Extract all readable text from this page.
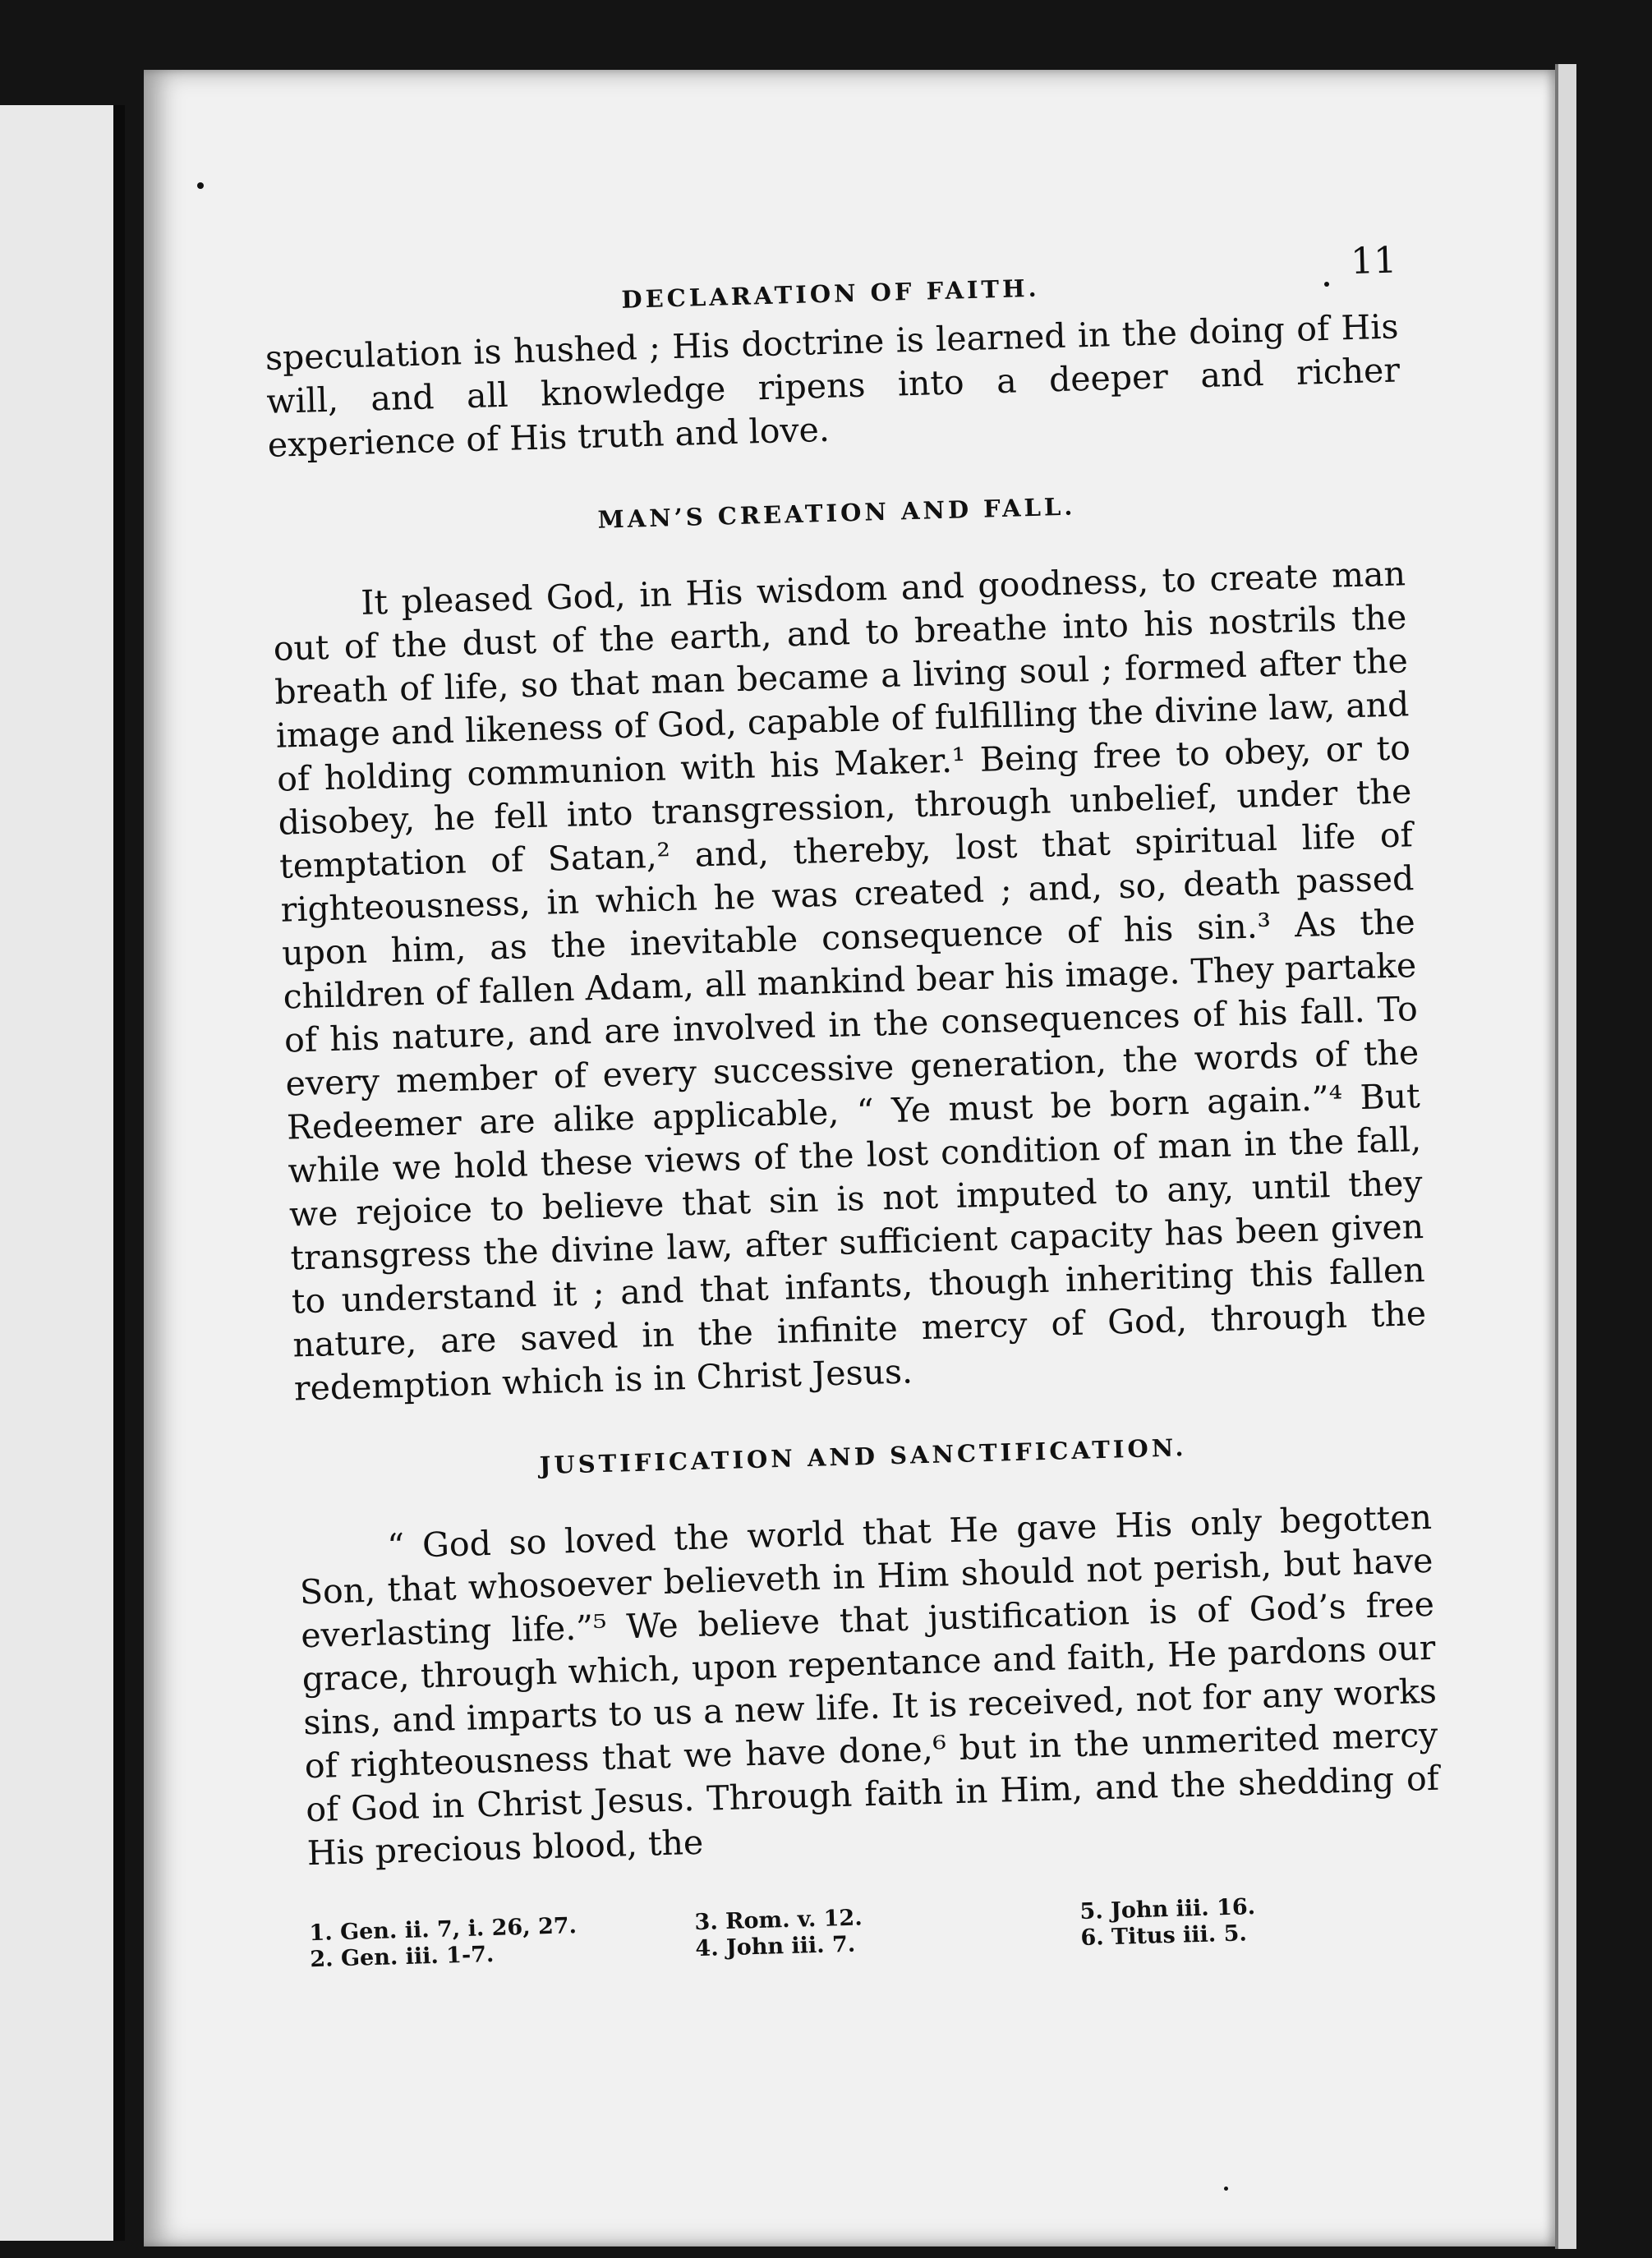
DECLARATION OF FAITH.
11

speculation is hushed ; His doctrine is learned in the doing of His will, and all knowledge ripens into a deeper and richer experience of His truth and love.

MAN’S CREATION AND FALL.

It pleased God, in His wisdom and goodness, to create man out of the dust of the earth, and to breathe into his nostrils the breath of life, so that man became a living soul ; formed after the image and likeness of God, capable of fulfilling the divine law, and of holding communion with his Maker.¹ Being free to obey, or to disobey, he fell into transgression, through unbelief, under the temptation of Satan,² and, thereby, lost that spiritual life of righteousness, in which he was created ; and, so, death passed upon him, as the inevitable consequence of his sin.³ As the children of fallen Adam, all mankind bear his image. They partake of his nature, and are involved in the consequences of his fall. To every member of every successive generation, the words of the Redeemer are alike applicable, “ Ye must be born again.”⁴ But while we hold these views of the lost condition of man in the fall, we rejoice to believe that sin is not imputed to any, until they transgress the divine law, after sufficient capacity has been given to understand it ; and that infants, though inheriting this fallen nature, are saved in the infinite mercy of God, through the redemption which is in Christ Jesus.

JUSTIFICATION AND SANCTIFICATION.

“ God so loved the world that He gave His only begotten Son, that whosoever believeth in Him should not perish, but have everlasting life.”⁵ We believe that justification is of God’s free grace, through which, upon repentance and faith, He pardons our sins, and imparts to us a new life. It is received, not for any works of righteousness that we have done,⁶ but in the unmerited mercy of God in Christ Jesus. Through faith in Him, and the shedding of His precious blood, the

1. Gen. ii. 7, i. 26, 27.
2. Gen. iii. 1-7.
3. Rom. v. 12.
4. John iii. 7.
5. John iii. 16.
6. Titus iii. 5.
